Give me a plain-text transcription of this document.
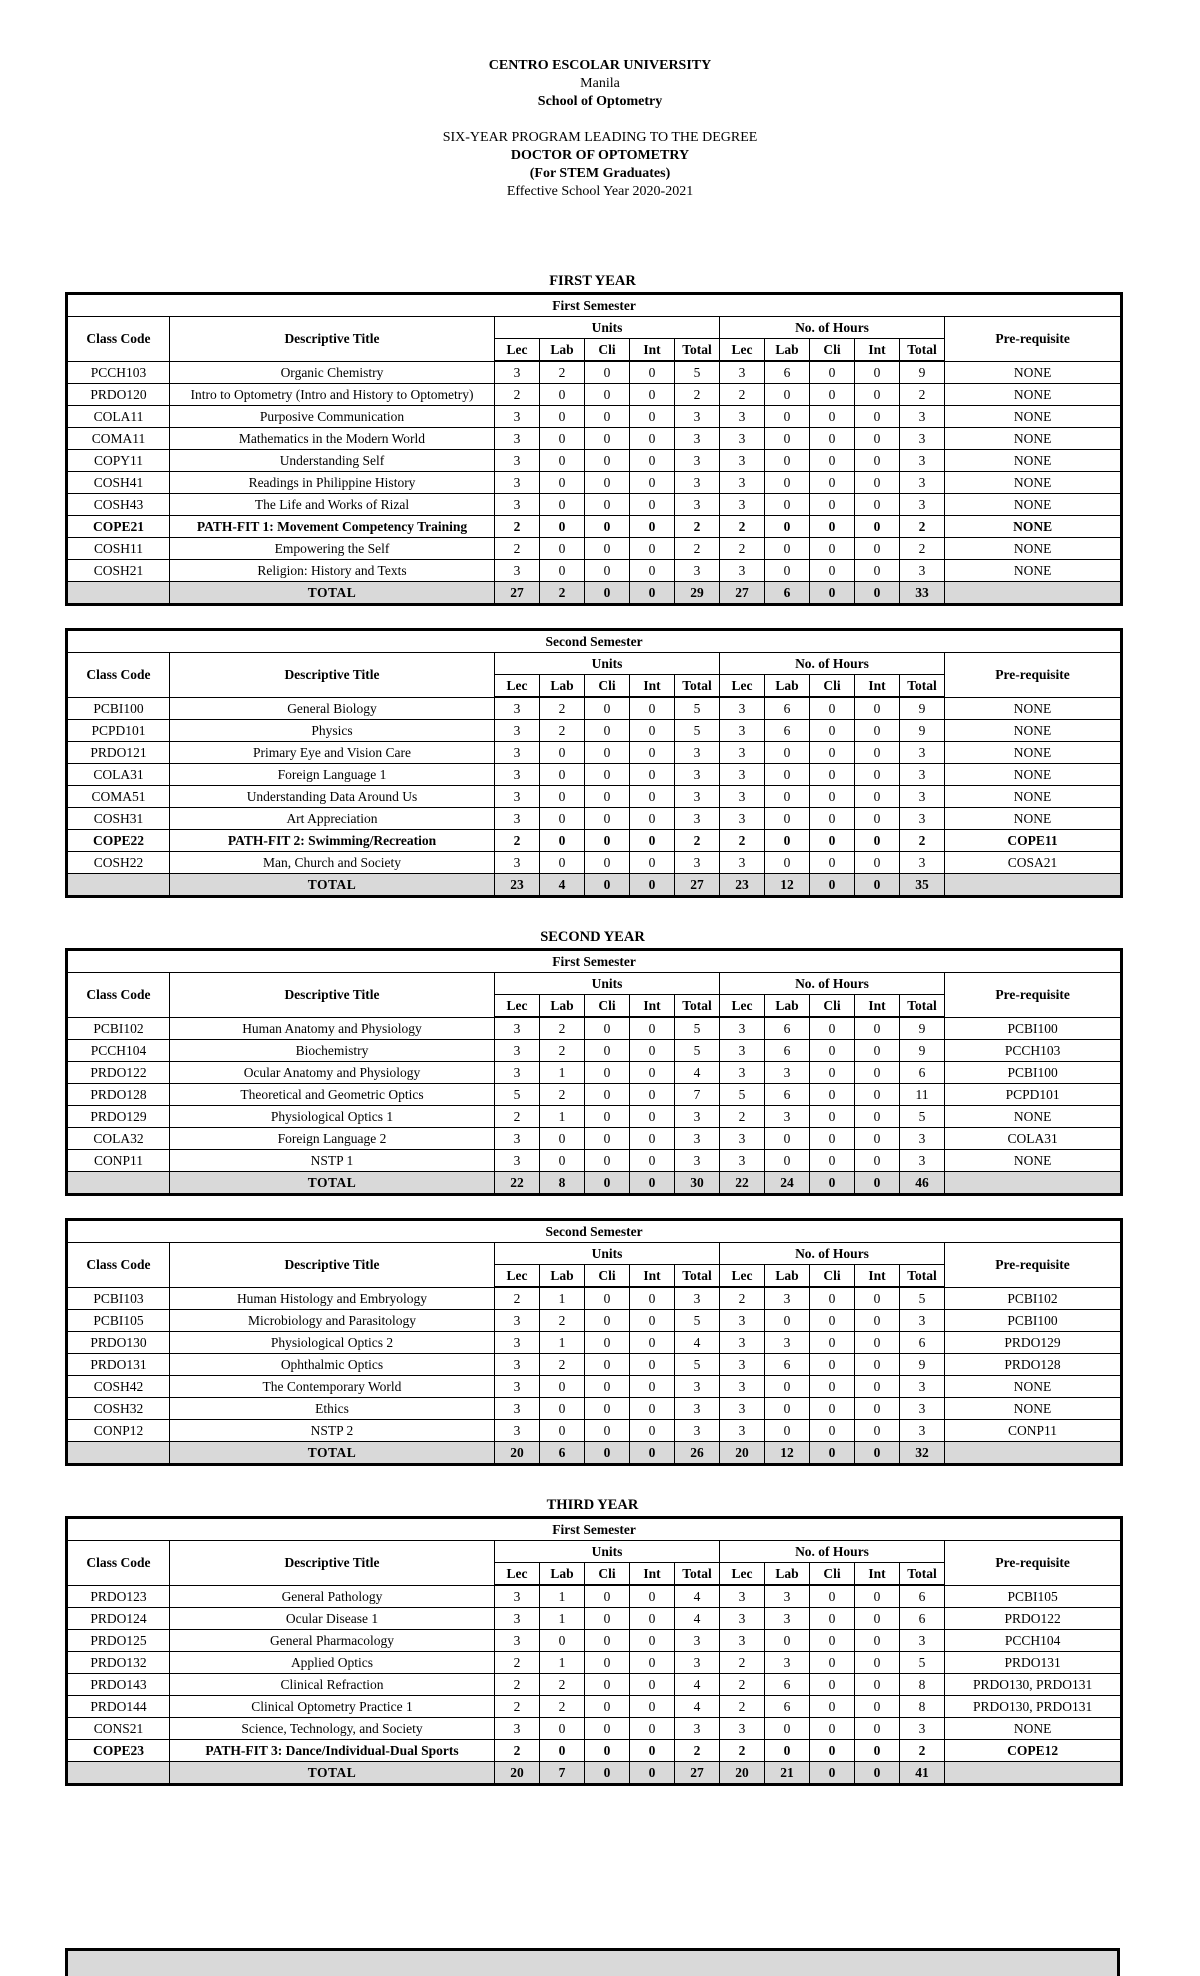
CENTRO ESCOLAR UNIVERSITY
Manila
School of Optometry
SIX-YEAR PROGRAM LEADING TO THE DEGREE
DOCTOR OF OPTOMETRY
(For STEM Graduates)
Effective School Year 2020-2021
FIRST YEAR
First Semester												
Class Code	Descriptive Title	Units					No. of Hours					Pre-requisite
		Lec	Lab	Cli	Int	Total	Lec	Lab	Cli	Int	Total	
PCCH103	Organic Chemistry	3	2	0	0	5	3	6	0	0	9	NONE
PRDO120	Intro to Optometry (Intro and History to Optometry)	2	0	0	0	2	2	0	0	0	2	NONE
COLA11	Purposive Communication	3	0	0	0	3	3	0	0	0	3	NONE
COMA11	Mathematics in the Modern World	3	0	0	0	3	3	0	0	0	3	NONE
COPY11	Understanding Self	3	0	0	0	3	3	0	0	0	3	NONE
COSH41	Readings in Philippine History	3	0	0	0	3	3	0	0	0	3	NONE
COSH43	The Life and Works of Rizal	3	0	0	0	3	3	0	0	0	3	NONE
COPE21	PATH-FIT 1: Movement Competency Training	2	0	0	0	2	2	0	0	0	2	NONE
COSH11	Empowering the Self	2	0	0	0	2	2	0	0	0	2	NONE
COSH21	Religion: History and Texts	3	0	0	0	3	3	0	0	0	3	NONE
	TOTAL	27	2	0	0	29	27	6	0	0	33	
Second Semester												
Class Code	Descriptive Title	Units					No. of Hours					Pre-requisite
		Lec	Lab	Cli	Int	Total	Lec	Lab	Cli	Int	Total	
PCBI100	General Biology	3	2	0	0	5	3	6	0	0	9	NONE
PCPD101	Physics	3	2	0	0	5	3	6	0	0	9	NONE
PRDO121	Primary Eye and Vision Care	3	0	0	0	3	3	0	0	0	3	NONE
COLA31	Foreign Language 1	3	0	0	0	3	3	0	0	0	3	NONE
COMA51	Understanding Data Around Us	3	0	0	0	3	3	0	0	0	3	NONE
COSH31	Art Appreciation	3	0	0	0	3	3	0	0	0	3	NONE
COPE22	PATH-FIT 2: Swimming/Recreation	2	0	0	0	2	2	0	0	0	2	COPE11
COSH22	Man, Church and Society	3	0	0	0	3	3	0	0	0	3	COSA21
	TOTAL	23	4	0	0	27	23	12	0	0	35	
SECOND YEAR
First Semester												
Class Code	Descriptive Title	Units					No. of Hours					Pre-requisite
		Lec	Lab	Cli	Int	Total	Lec	Lab	Cli	Int	Total	
PCBI102	Human Anatomy and Physiology	3	2	0	0	5	3	6	0	0	9	PCBI100
PCCH104	Biochemistry	3	2	0	0	5	3	6	0	0	9	PCCH103
PRDO122	Ocular Anatomy and Physiology	3	1	0	0	4	3	3	0	0	6	PCBI100
PRDO128	Theoretical and Geometric Optics	5	2	0	0	7	5	6	0	0	11	PCPD101
PRDO129	Physiological Optics 1	2	1	0	0	3	2	3	0	0	5	NONE
COLA32	Foreign Language 2	3	0	0	0	3	3	0	0	0	3	COLA31
CONP11	NSTP 1	3	0	0	0	3	3	0	0	0	3	NONE
	TOTAL	22	8	0	0	30	22	24	0	0	46	
Second Semester												
Class Code	Descriptive Title	Units					No. of Hours					Pre-requisite
		Lec	Lab	Cli	Int	Total	Lec	Lab	Cli	Int	Total	
PCBI103	Human Histology and Embryology	2	1	0	0	3	2	3	0	0	5	PCBI102
PCBI105	Microbiology and Parasitology	3	2	0	0	5	3	0	0	0	3	PCBI100
PRDO130	Physiological Optics 2	3	1	0	0	4	3	3	0	0	6	PRDO129
PRDO131	Ophthalmic Optics	3	2	0	0	5	3	6	0	0	9	PRDO128
COSH42	The Contemporary World	3	0	0	0	3	3	0	0	0	3	NONE
COSH32	Ethics	3	0	0	0	3	3	0	0	0	3	NONE
CONP12	NSTP 2	3	0	0	0	3	3	0	0	0	3	CONP11
	TOTAL	20	6	0	0	26	20	12	0	0	32	
THIRD YEAR
First Semester												
Class Code	Descriptive Title	Units					No. of Hours					Pre-requisite
		Lec	Lab	Cli	Int	Total	Lec	Lab	Cli	Int	Total	
PRDO123	General Pathology	3	1	0	0	4	3	3	0	0	6	PCBI105
PRDO124	Ocular Disease 1	3	1	0	0	4	3	3	0	0	6	PRDO122
PRDO125	General Pharmacology	3	0	0	0	3	3	0	0	0	3	PCCH104
PRDO132	Applied Optics	2	1	0	0	3	2	3	0	0	5	PRDO131
PRDO143	Clinical Refraction	2	2	0	0	4	2	6	0	0	8	PRDO130, PRDO131
PRDO144	Clinical Optometry Practice 1	2	2	0	0	4	2	6	0	0	8	PRDO130, PRDO131
CONS21	Science, Technology, and Society	3	0	0	0	3	3	0	0	0	3	NONE
COPE23	PATH-FIT 3: Dance/Individual-Dual Sports	2	0	0	0	2	2	0	0	0	2	COPE12
	TOTAL	20	7	0	0	27	20	21	0	0	41	
